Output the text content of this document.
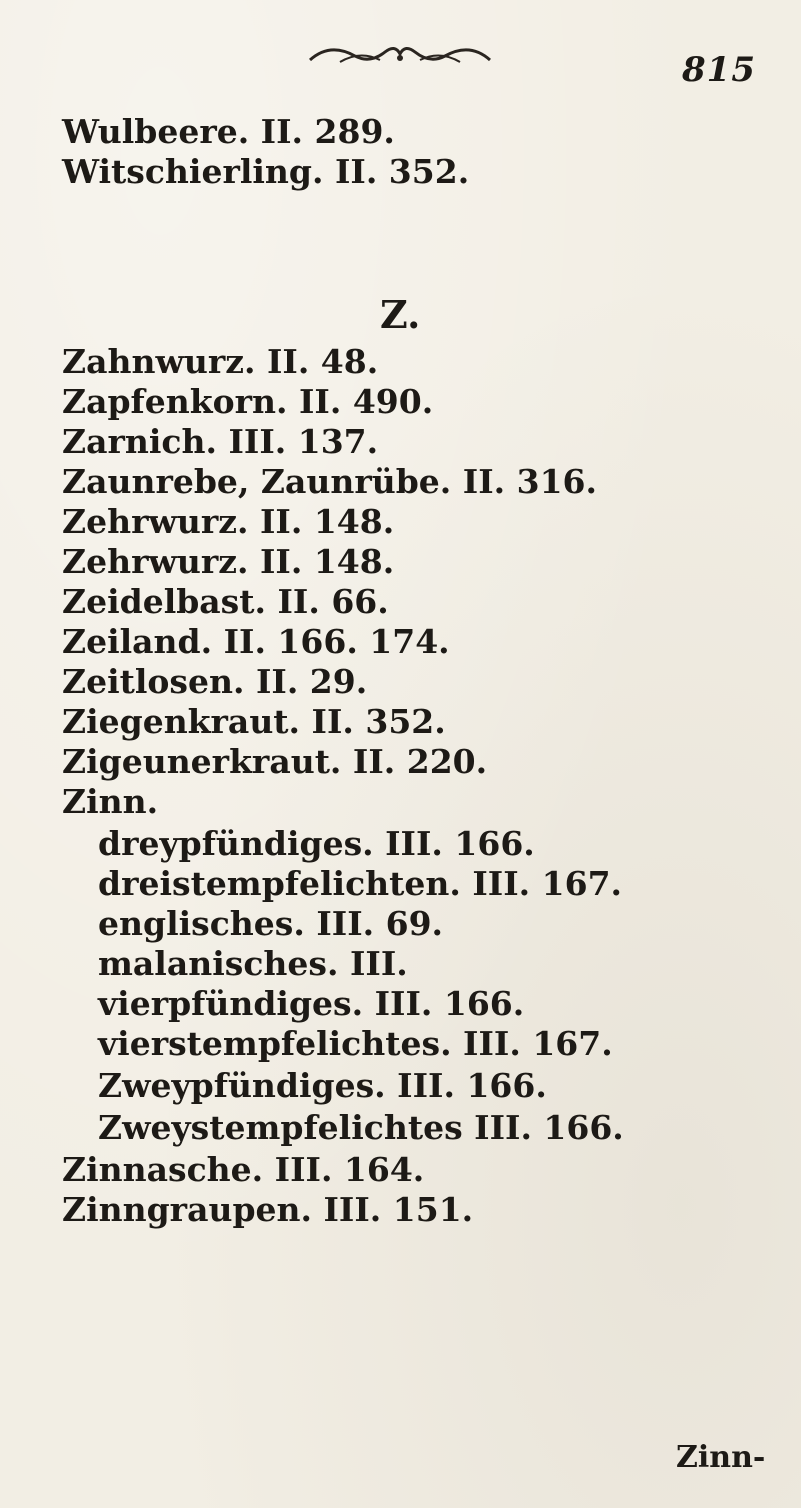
815
Wulbeere. II. 289.
Witschierling. II. 352.
Z.
Zahnwurz. II. 48.
Zapfenkorn. II. 490.
Zarnich. III. 137.
Zaunrebe, Zaunrübe. II. 316.
Zehrwurz. II. 148.
Zehrwurz. II. 148.
Zeidelbast. II. 66.
Zeiland. II. 166. 174.
Zeitlosen. II. 29.
Ziegenkraut. II. 352.
Zigeunerkraut. II. 220.
Zinn.
dreypfündiges. III. 166.
dreistempfelichten. III. 167.
englisches. III. 69.
malanisches. III.
vierpfündiges. III. 166.
vierstempfelichtes. III. 167.
Zweypfündiges. III. 166.
Zweystempfelichtes III. 166.
Zinnasche. III. 164.
Zinngraupen. III. 151.
Zinn-
